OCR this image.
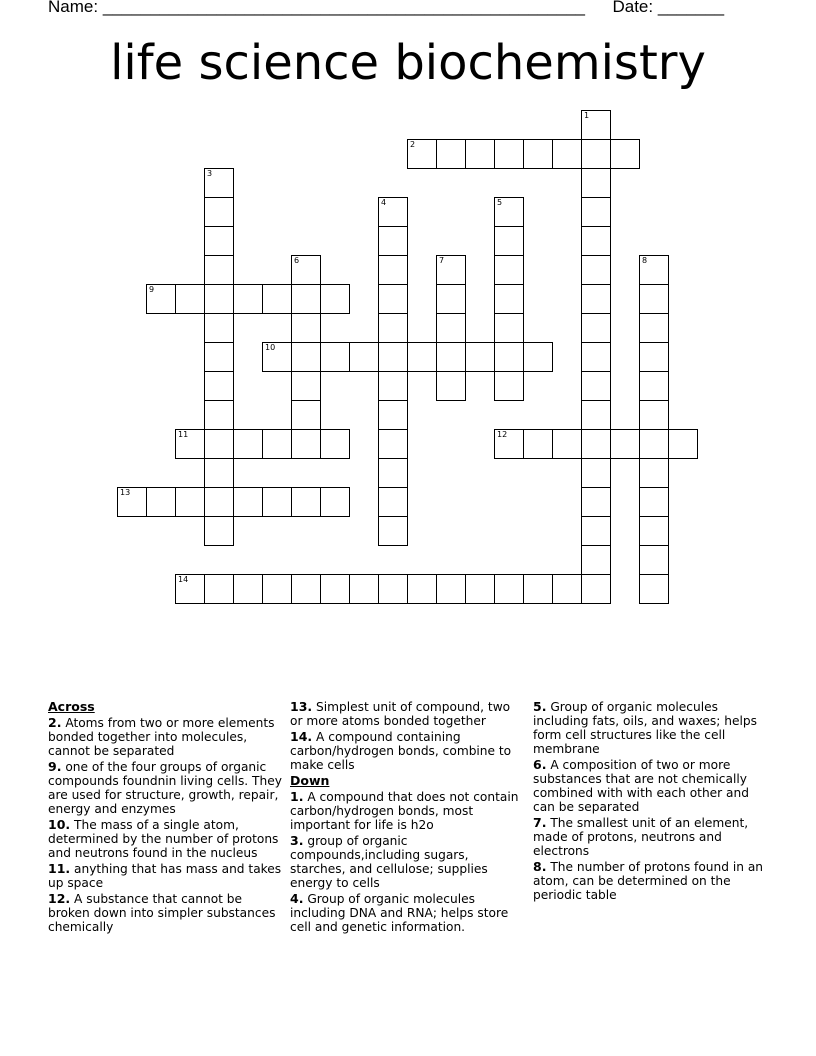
Name: ___________________________________________________ Date: _______
life science biochemistry
2
9
10
11	12
13
14
1
3
4	5
6	7	8
Across
2. Atoms from two or more elements bonded together into molecules, cannot be separated
9. one of the four groups of organic compounds foundnin living cells. They are used for structure, growth, repair, energy and enzymes
10. The mass of a single atom, determined by the number of protons and neutrons found in the nucleus
11. anything that has mass and takes up space
12. A substance that cannot be broken down into simpler substances chemically
13. Simplest unit of compound, two or more atoms bonded together
14. A compound containing carbon/hydrogen bonds, combine to make cells
Down
1. A compound that does not contain carbon/hydrogen bonds, most important for life is h2o
3. group of organic compounds,including sugars, starches, and cellulose; supplies energy to cells
4. Group of organic molecules including DNA and RNA; helps store cell and genetic information.
5. Group of organic molecules including fats, oils, and waxes; helps form cell structures like the cell membrane
6. A composition of two or more substances that are not chemically combined with with each other and can be separated
7. The smallest unit of an element, made of protons, neutrons and electrons
8. The number of protons found in an atom, can be determined on the periodic table
